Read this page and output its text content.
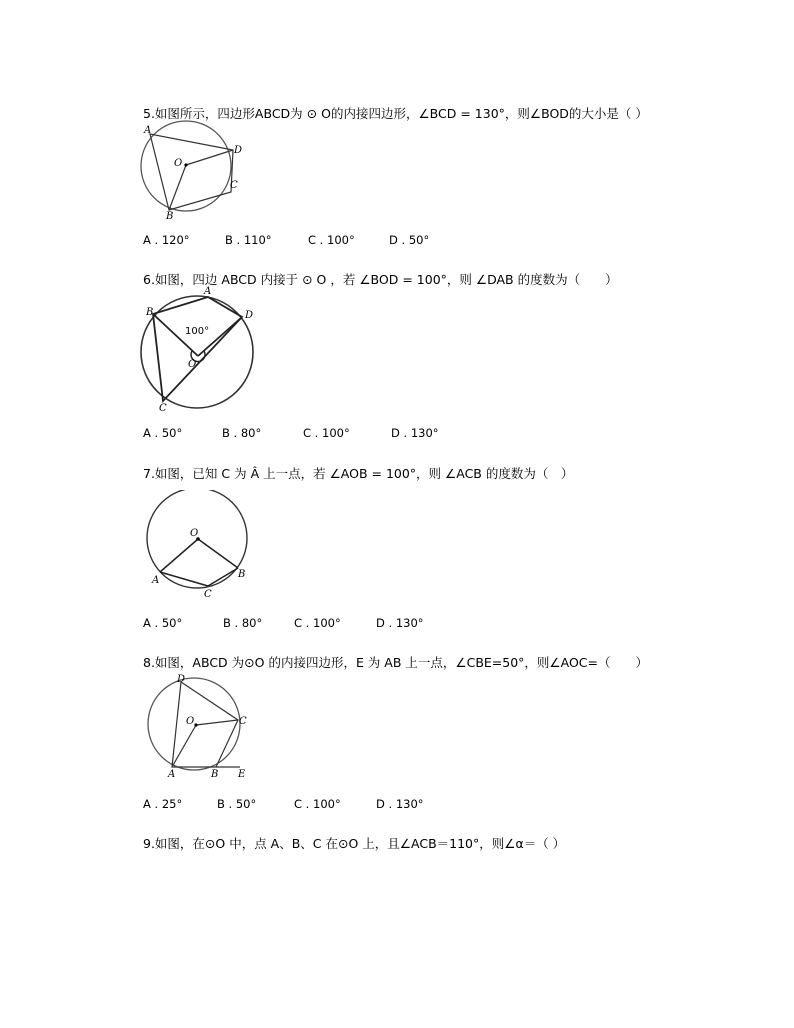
5.如图所示，四边形ABCD为 ⊙ O的内接四边形，∠BCD = 130°，则∠BOD的大小是（ ）
A
O
D
C
B
A . 120°	B . 110°	C . 100°	D . 50°
6.如图，四边 ABCD 内接于 ⊙ O ，若 ∠BOD = 100°，则 ∠DAB 的度数为（　　）
A
B	D
100°
O
C
A . 50°	B . 80°	C . 100°	D . 130°
7.如图，已知 C 为 Â 上一点，若 ∠AOB = 100°，则 ∠ACB 的度数为（　）
O
A
B
C
A . 50°	B . 80°	C . 100°	D . 130°
8.如图，ABCD 为⊙O 的内接四边形，E 为 AB 上一点，∠CBE=50°，则∠AOC=（　　）
D
O	C
A	B E
A . 25°	B . 50°	C . 100°	D . 130°
9.如图，在⊙O 中，点 A、B、C 在⊙O 上，且∠ACB＝110°，则∠α＝（ ）
